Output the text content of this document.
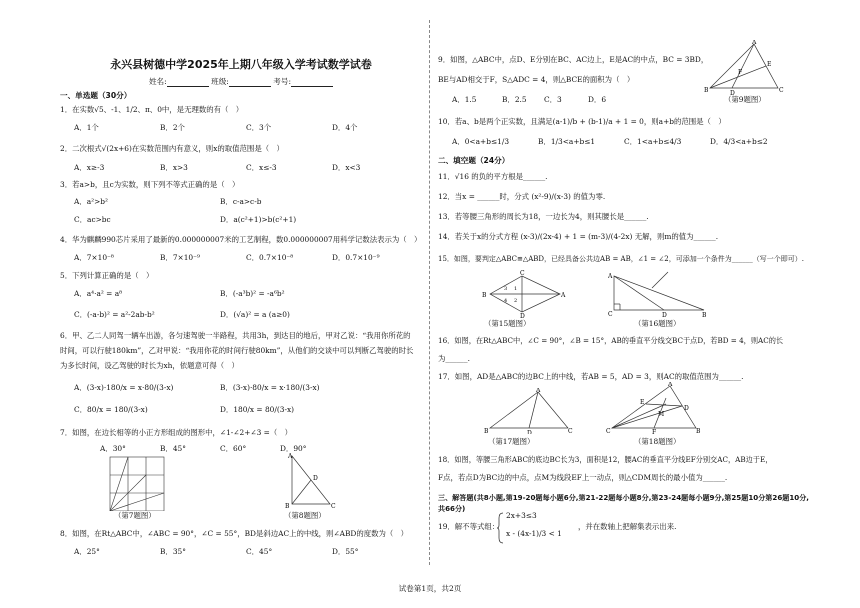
永兴县树德中学2025年上期八年级入学考试数学试卷
姓名:	班级:	考号:
一、单选题（30分）
1．在实数√5、-1、1/2、π、0中，是无理数的有（　）
A．1个	B．2个	C．3个	D．4个
2．二次根式√(2x+6)在实数范围内有意义，则x的取值范围是（　）
A．x≥-3	B．x>3	C．x≤-3	D．x<3
3．若a>b，且c为实数，则下列不等式正确的是（　）
A．a²>b²	B．c-a>c-b
C．ac>bc	D．a(c²+1)>b(c²+1)
4．华为麒麟990芯片采用了最新的0.000000007米的工艺制程，数0.000000007用科学记数法表示为（　）
A．7×10⁻⁸	B．7×10⁻⁹	C．0.7×10⁻⁸	D．0.7×10⁻⁹
5．下列计算正确的是（　）
A．a⁴·a² = a⁸	B．(-a³b)² = -a⁶b²
C．(-a-b)² = a²-2ab-b²	D．(√a)² = a (a≥0)
6．甲、乙二人同驾一辆车出游，各匀速驾驶一半路程，共用3h，到达目的地后，甲对乙说：“我用你所花的
时间，可以行驶180km”，乙对甲说：“我用你花的时间行驶80km”，从他们的交谈中可以判断乙驾驶的时长
为多长时间，设乙驾驶的时长为xh，依题意可得（　）
A．(3-x)·180/x = x·80/(3-x)	B．(3-x)·80/x = x·180/(3-x)
C．80/x = 180/(3-x)	D．180/x = 80/(3-x)
7．如图，在边长相等的小正方形组成的图形中，∠1-∠2+∠3 =（　）
A．30°	B．45°	C．60°	D．90°
（第7题图）
A
B	C
D
（第8题图）
8．如图，在Rt△ABC中，∠ABC = 90°，∠C = 55°，BD是斜边AC上的中线，则∠ABD的度数为（　）
A．25°	B．35°	C．45°	D．55°
9．如图，△ABC中，点D、E分别在BC、AC边上，E是AC的中点，BC = 3BD，
BE与AD相交于F，S△ADC = 4，则△BCE的面积为（　）
A．1.5	B．2.5 C．3	D．6
A
B	C
D
E
F
（第9题图）
10．若a、b是两个正实数，且满足(a-1)/b + (b-1)/a + 1 = 0，则a+b的范围是（　）
A．0<a+b≤1/3	B．1/3<a+b≤1	C．1<a+b≤4/3	D．4/3<a+b≤2
二、填空题（24分）
11．√16 的负的平方根是______.
12．当x = ______时，分式 (x²-9)/(x-3) 的值为零.
13．若等腰三角形的周长为18，一边长为4，则其腰长是______.
14．若关于x的分式方程 (x-3)/(2x-4) + 1 = (m-3)/(4-2x) 无解，则m的值为______.
15．如图，要判定△ABC≌△ABD，已经具备公共边AB = AB，∠1 = ∠2，可添加一个条件为______（写一个即可）.
B
C
A
D
3 1
2
4
（第15题图）
A
C	D	B
（第16题图）
16．如图，在Rt△ABC中，∠C = 90°，∠B = 15°，AB的垂直平分线交BC于点D，若BD = 4，则AC的长
为______.
17．如图，AD是△ABC的边BC上的中线，若AB = 5，AD = 3，则AC的取值范围为______.
A
B	D	C
（第17题图）
A
E
D
M
C	F	B
（第18题图）
18．如图，等腰三角形ABC的底边BC长为3，面积是12，腰AC的垂直平分线EF分别交AC，AB边于E，
F点，若点D为BC边的中点，点M为线段EF上一动点，则△CDM周长的最小值为______.
三、解答题(共8小题,第19-20题每小题6分,第21-22题每小题8分,第23-24题每小题9分,第25题10分第26题10分,共66分)
19．解不等式组：
2x+3≤3
x - (4x-1)/3 < 1
，并在数轴上把解集表示出来.
试卷第1页，共2页
